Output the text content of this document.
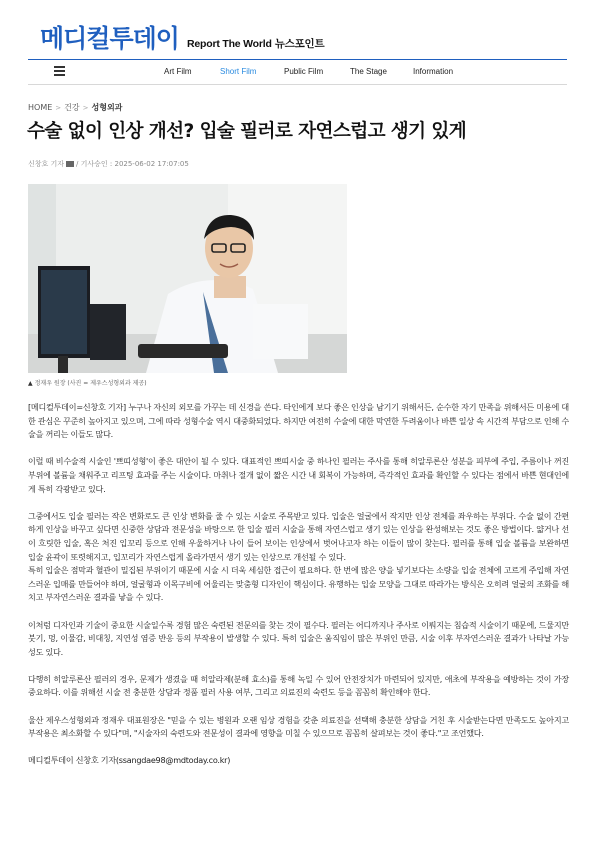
메디컬투데이 Report The World 뉴스포인트
Art Film	Short Film	Public Film	The Stage	Information
HOME > 건강 > 성형외과
수술 없이 인상 개선? 입술 필러로 자연스럽고 생기 있게
신창호 기자 / 기사승인 : 2025-06-02 17:07:05
▲ 정재우 원장 (사진 = 제우스성형외과 제공)

[메디컬투데이=신창호 기자] 누구나 자신의 외모를 가꾸는 데 신경을 쓴다. 타인에게 보다 좋은 인상을 남기기 위해서든, 순수한 자기 만족을 위해서든 미용에 대한 관심은 꾸준히 높아지고 있으며, 그에 따라 성형수술 역시 대중화되었다. 하지만 여전히 수술에 대한 막연한 두려움이나 바쁜 일상 속 시간적 부담으로 인해 수술을 꺼리는 이들도 많다.

이럴 때 비수술적 시술인 '쁘띠성형'이 좋은 대안이 될 수 있다. 대표적인 쁘띠시술 중 하나인 필러는 주사를 통해 히알루론산 성분을 피부에 주입, 주름이나 꺼진 부위에 볼륨을 채워주고 리프팅 효과를 주는 시술이다. 마취나 절개 없이 짧은 시간 내 회복이 가능하며, 즉각적인 효과를 확인할 수 있다는 점에서 바쁜 현대인에게 특히 각광받고 있다.

그중에서도 입술 필러는 작은 변화로도 큰 인상 변화를 줄 수 있는 시술로 주목받고 있다. 입술은 얼굴에서 작지만 인상 전체를 좌우하는 부위다. 수술 없이 간편하게 인상을 바꾸고 싶다면 신중한 상담과 전문성을 바탕으로 한 입술 필러 시술을 통해 자연스럽고 생기 있는 인상을 완성해보는 것도 좋은 방법이다. 얇거나 선이 흐릿한 입술, 혹은 처진 입꼬리 등으로 인해 우울하거나 나이 들어 보이는 인상에서 벗어나고자 하는 이들이 많이 찾는다. 필러를 통해 입술 볼륨을 보완하면 입술 윤곽이 또렷해지고, 입꼬리가 자연스럽게 올라가면서 생기 있는 인상으로 개선될 수 있다.

특히 입술은 점막과 혈관이 밀집된 부위이기 때문에 시술 시 더욱 세심한 접근이 필요하다. 한 번에 많은 양을 넣기보다는 소량을 입술 전체에 고르게 주입해 자연스러운 입매를 만들어야 하며, 얼굴형과 이목구비에 어울리는 맞춤형 디자인이 핵심이다. 유행하는 입술 모양을 그대로 따라가는 방식은 오히려 얼굴의 조화를 해치고 부자연스러운 결과를 낳을 수 있다.

이처럼 디자인과 기술이 중요한 시술일수록 경험 많은 숙련된 전문의를 찾는 것이 필수다. 필러는 어디까지나 주사로 이뤄지는 침습적 시술이기 때문에, 드물지만 붓기, 멍, 이물감, 비대칭, 지연성 염증 반응 등의 부작용이 발생할 수 있다. 특히 입술은 움직임이 많은 부위인 만큼, 시술 이후 부자연스러운 결과가 나타날 가능성도 있다.

다행히 히알루론산 필러의 경우, 문제가 생겼을 때 히알라제(분해 효소)를 통해 녹일 수 있어 안전장치가 마련되어 있지만, 애초에 부작용을 예방하는 것이 가장 중요하다. 이를 위해선 시술 전 충분한 상담과 정품 필러 사용 여부, 그리고 의료진의 숙련도 등을 꼼꼼히 확인해야 한다.

울산 제우스성형외과 정재우 대표원장은 "믿을 수 있는 병원과 오랜 임상 경험을 갖춘 의료진을 선택해 충분한 상담을 거친 후 시술받는다면 만족도도 높아지고 부작용은 최소화할 수 있다"며, "시술자의 숙련도와 전문성이 결과에 영향을 미칠 수 있으므로 꼼꼼히 살펴보는 것이 좋다."고 조언했다.

메디컬투데이 신창호 기자(ssangdae98@mdtoday.co.kr)
